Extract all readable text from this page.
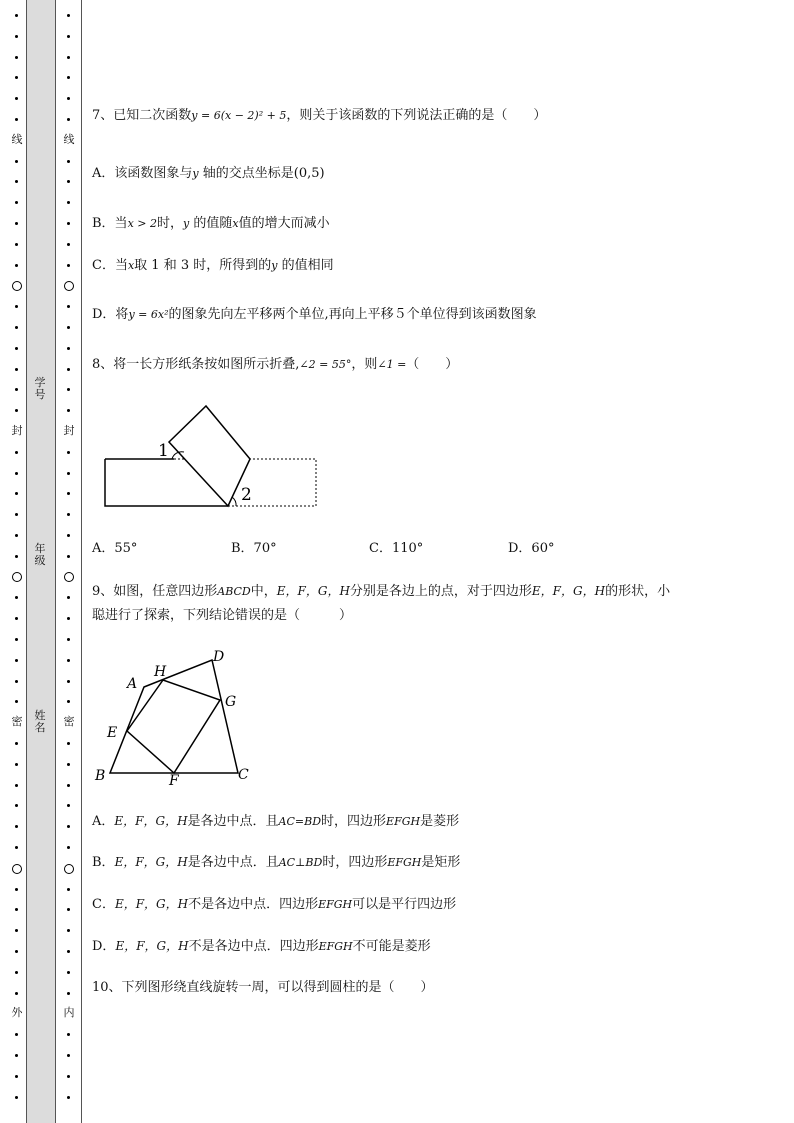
线
封
密
外
学号
年级
姓名
线
封
密
内
7、已知二次函数y = 6(x − 2)² + 5，则关于该函数的下列说法正确的是（　　）
A．该函数图象与y 轴的交点坐标是(0,5)
B．当x > 2时，y 的值随x值的增大而减小
C．当x取 1 和 3 时，所得到的y 的值相同
D．将y = 6x²的图象先向左平移两个单位,再向上平移５个单位得到该函数图象
8、将一长方形纸条按如图所示折叠,∠2 = 55°，则∠1 =（　　）
1
2
A．55°	B．70°	C．110°	D．60°
9、如图，任意四边形ABCD中，E，F，G，H分别是各边上的点，对于四边形E，F，G，H的形状，小
聪进行了探索，下列结论错误的是（　　　）
A
D
H
G
E
B	F	C
A．E，F，G，H是各边中点．且AC=BD时，四边形EFGH是菱形
B．E，F，G，H是各边中点．且AC⊥BD时，四边形EFGH是矩形
C．E，F，G，H不是各边中点．四边形EFGH可以是平行四边形
D．E，F，G，H不是各边中点．四边形EFGH不可能是菱形
10、下列图形绕直线旋转一周，可以得到圆柱的是（　　）
